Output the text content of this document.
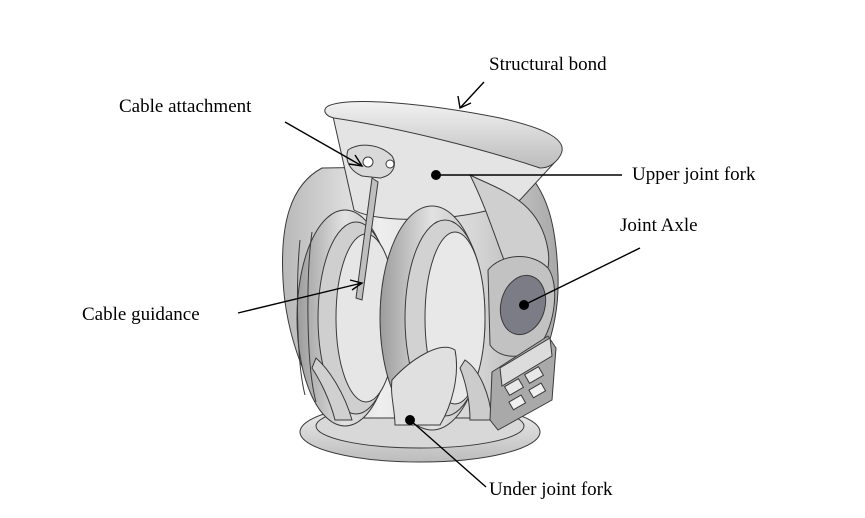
Structural bond
Cable attachment
Upper joint fork
Joint Axle
Cable guidance
Under joint fork
